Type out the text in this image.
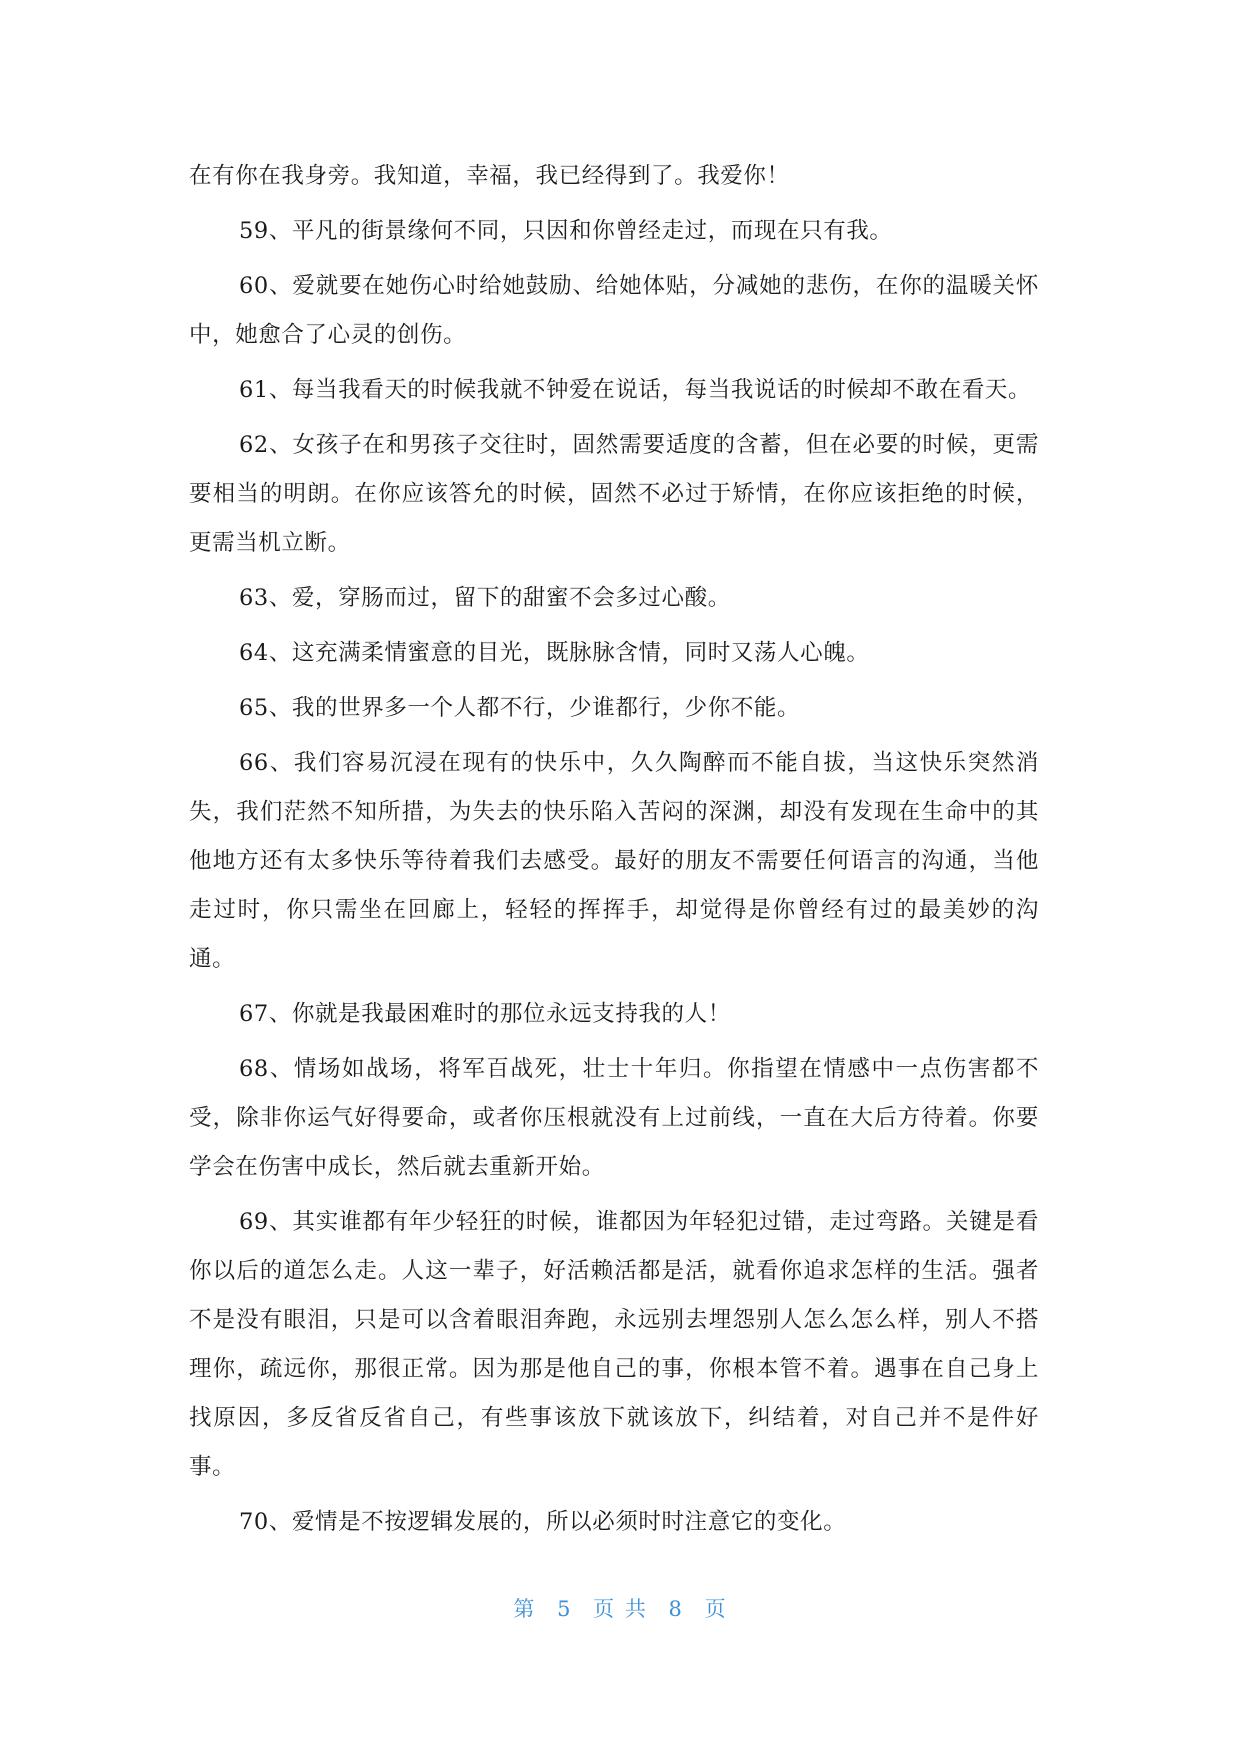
在有你在我身旁。我知道，幸福，我已经得到了。我爱你！

59、平凡的街景缘何不同，只因和你曾经走过，而现在只有我。

60、爱就要在她伤心时给她鼓励、给她体贴，分减她的悲伤，在你的温暖关怀中，她愈合了心灵的创伤。

61、每当我看天的时候我就不钟爱在说话，每当我说话的时候却不敢在看天。

62、女孩子在和男孩子交往时，固然需要适度的含蓄，但在必要的时候，更需要相当的明朗。在你应该答允的时候，固然不必过于矫情，在你应该拒绝的时候，更需当机立断。

63、爱，穿肠而过，留下的甜蜜不会多过心酸。

64、这充满柔情蜜意的目光，既脉脉含情，同时又荡人心魄。

65、我的世界多一个人都不行，少谁都行，少你不能。

66、我们容易沉浸在现有的快乐中，久久陶醉而不能自拔，当这快乐突然消失，我们茫然不知所措，为失去的快乐陷入苦闷的深渊，却没有发现在生命中的其他地方还有太多快乐等待着我们去感受。最好的朋友不需要任何语言的沟通，当他走过时，你只需坐在回廊上，轻轻的挥挥手，却觉得是你曾经有过的最美妙的沟通。

67、你就是我最困难时的那位永远支持我的人！

68、情场如战场，将军百战死，壮士十年归。你指望在情感中一点伤害都不受，除非你运气好得要命，或者你压根就没有上过前线，一直在大后方待着。你要学会在伤害中成长，然后就去重新开始。

69、其实谁都有年少轻狂的时候，谁都因为年轻犯过错，走过弯路。关键是看你以后的道怎么走。人这一辈子，好活赖活都是活，就看你追求怎样的生活。强者不是没有眼泪，只是可以含着眼泪奔跑，永远别去埋怨别人怎么怎么样，别人不搭理你，疏远你，那很正常。因为那是他自己的事，你根本管不着。遇事在自己身上找原因，多反省反省自己，有些事该放下就该放下，纠结着，对自己并不是件好事。

70、爱情是不按逻辑发展的，所以必须时时注意它的变化。

第 5 页 共 8 页
